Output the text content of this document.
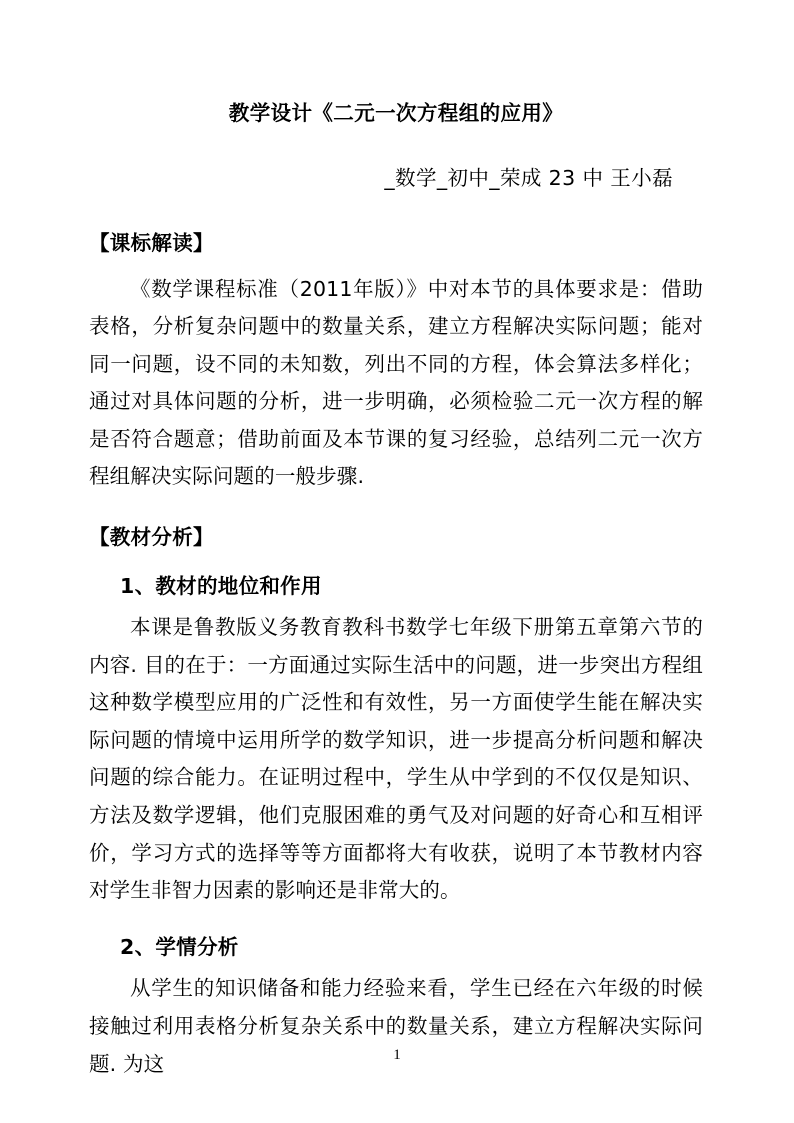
教学设计《二元一次方程组的应用》

_数学_初中_荣成 23 中 王小磊

【课标解读】

《数学课程标准（2011年版）》中对本节的具体要求是：借助表格，分析复杂问题中的数量关系，建立方程解决实际问题；能对同一问题，设不同的未知数，列出不同的方程，体会算法多样化；通过对具体问题的分析，进一步明确，必须检验二元一次方程的解是否符合题意；借助前面及本节课的复习经验，总结列二元一次方程组解决实际问题的一般步骤.

【教材分析】
1、教材的地位和作用

本课是鲁教版义务教育教科书数学七年级下册第五章第六节的内容. 目的在于：一方面通过实际生活中的问题，进一步突出方程组这种数学模型应用的广泛性和有效性，另一方面使学生能在解决实际问题的情境中运用所学的数学知识，进一步提高分析问题和解决问题的综合能力。在证明过程中，学生从中学到的不仅仅是知识、方法及数学逻辑，他们克服困难的勇气及对问题的好奇心和互相评价，学习方式的选择等等方面都将大有收获，说明了本节教材内容对学生非智力因素的影响还是非常大的。

2、学情分析

从学生的知识储备和能力经验来看，学生已经在六年级的时候接触过利用表格分析复杂关系中的数量关系，建立方程解决实际问题. 为这	1
